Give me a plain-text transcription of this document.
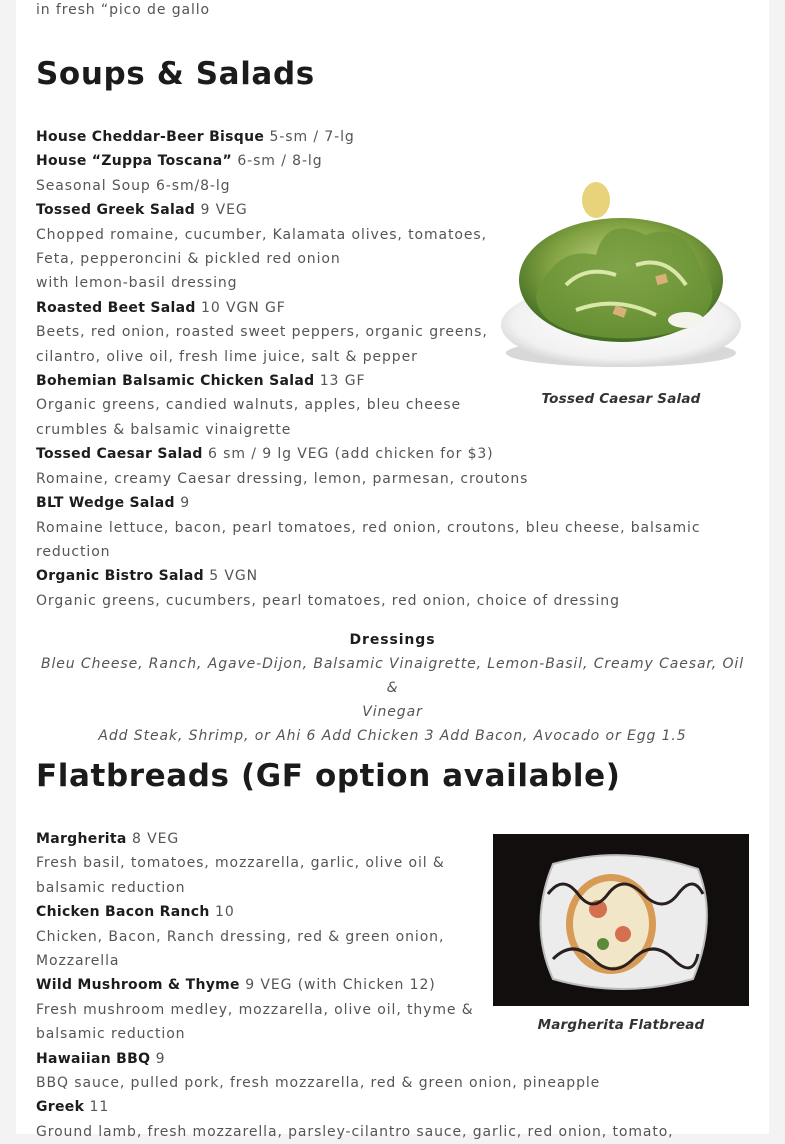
in fresh “pico de gallo
Soups & Salads
House Cheddar-Beer Bisque 5-sm / 7-lg
House “Zuppa Toscana” 6-sm / 8-lg
Seasonal Soup 6-sm/8-lg
Tossed Greek Salad 9 VEG
Chopped romaine, cucumber, Kalamata olives, tomatoes,
Feta, pepperoncini & pickled red onion
with lemon-basil dressing
Roasted Beet Salad 10 VGN GF
Beets, red onion, roasted sweet peppers, organic greens,
cilantro, olive oil, fresh lime juice, salt & pepper
Bohemian Balsamic Chicken Salad 13 GF
Organic greens, candied walnuts, apples, bleu cheese
crumbles & balsamic vinaigrette
Tossed Caesar Salad 6 sm / 9 lg VEG (add chicken for $3)
Romaine, creamy Caesar dressing, lemon, parmesan, croutons
BLT Wedge Salad 9
Romaine lettuce, bacon, pearl tomatoes, red onion, croutons, bleu cheese, balsamic
reduction
Organic Bistro Salad 5 VGN
Organic greens, cucumbers, pearl tomatoes, red onion, choice of dressing
Tossed Caesar Salad
Dressings
Bleu Cheese, Ranch, Agave-Dijon, Balsamic Vinaigrette, Lemon-Basil, Creamy Caesar, Oil &
Vinegar
Add Steak, Shrimp, or Ahi 6 Add Chicken 3 Add Bacon, Avocado or Egg 1.5
Flatbreads (GF option available)
Margherita 8 VEG
Fresh basil, tomatoes, mozzarella, garlic, olive oil &
balsamic reduction
Chicken Bacon Ranch 10
Chicken, Bacon, Ranch dressing, red & green onion,
Mozzarella
Wild Mushroom & Thyme 9 VEG (with Chicken 12)
Fresh mushroom medley, mozzarella, olive oil, thyme &
balsamic reduction
Hawaiian BBQ 9
BBQ sauce, pulled pork, fresh mozzarella, red & green onion, pineapple
Greek 11
Ground lamb, fresh mozzarella, parsley-cilantro sauce, garlic, red onion, tomato,
Margherita Flatbread
